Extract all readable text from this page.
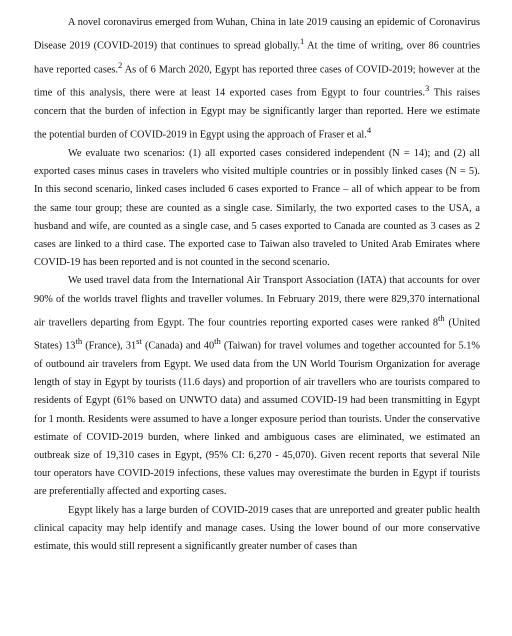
A novel coronavirus emerged from Wuhan, China in late 2019 causing an epidemic of Coronavirus Disease 2019 (COVID-2019) that continues to spread globally.$^1$ At the time of writing, over 86 countries have reported cases.$^2$ As of 6 March 2020, Egypt has reported three cases of COVID-2019; however at the time of this analysis, there were at least 14 exported cases from Egypt to four countries.$^3$ This raises concern that the burden of infection in Egypt may be significantly larger than reported. Here we estimate the potential burden of COVID-2019 in Egypt using the approach of Fraser et al.$^4$

We evaluate two scenarios: (1) all exported cases considered independent (N = 14); and (2) all exported cases minus cases in travelers who visited multiple countries or in possibly linked cases (N = 5). In this second scenario, linked cases included 6 cases exported to France – all of which appear to be from the same tour group; these are counted as a single case. Similarly, the two exported cases to the USA, a husband and wife, are counted as a single case, and 5 cases exported to Canada are counted as 3 cases as 2 cases are linked to a third case. The exported case to Taiwan also traveled to United Arab Emirates where COVID-19 has been reported and is not counted in the second scenario.

We used travel data from the International Air Transport Association (IATA) that accounts for over 90% of the worlds travel flights and traveller volumes. In February 2019, there were 829,370 international air travellers departing from Egypt. The four countries reporting exported cases were ranked 8th (United States) 13th (France), 31st (Canada) and 40th (Taiwan) for travel volumes and together accounted for 5.1% of outbound air travelers from Egypt. We used data from the UN World Tourism Organization for average length of stay in Egypt by tourists (11.6 days) and proportion of air travellers who are tourists compared to residents of Egypt (61% based on UNWTO data) and assumed COVID-19 had been transmitting in Egypt for 1 month. Residents were assumed to have a longer exposure period than tourists. Under the conservative estimate of COVID-2019 burden, where linked and ambiguous cases are eliminated, we estimated an outbreak size of 19,310 cases in Egypt, (95% CI: 6,270 - 45,070). Given recent reports that several Nile tour operators have COVID-2019 infections, these values may overestimate the burden in Egypt if tourists are preferentially affected and exporting cases.

Egypt likely has a large burden of COVID-2019 cases that are unreported and greater public health clinical capacity may help identify and manage cases. Using the lower bound of our more conservative estimate, this would still represent a significantly greater number of cases than
